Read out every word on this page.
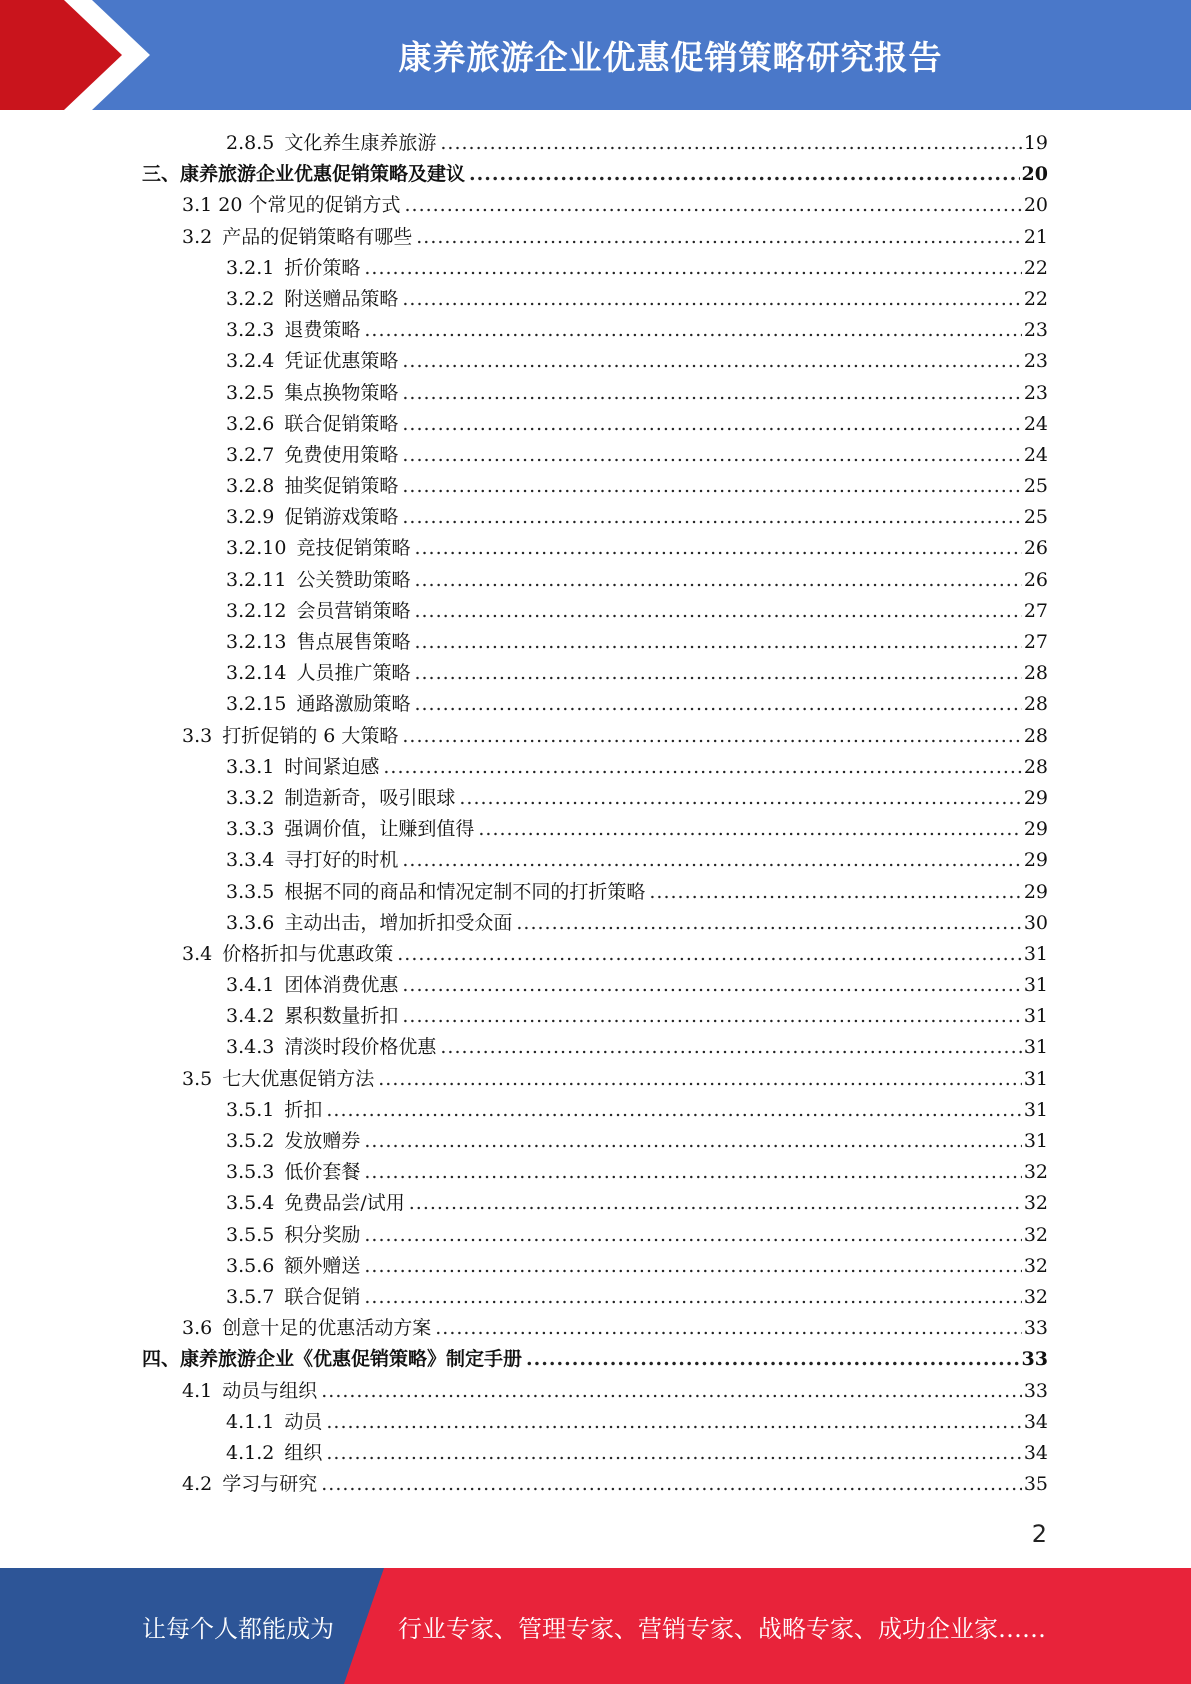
康养旅游企业优惠促销策略研究报告
2.8.5 文化养生康养旅游 .....	19
三、康养旅游企业优惠促销策略及建议 .....	20
3.1 20 个常见的促销方式 .....	20
3.2 产品的促销策略有哪些 .....	21
3.2.1 折价策略 .....	22
3.2.2 附送赠品策略 .....	22
3.2.3 退费策略 .....	23
3.2.4 凭证优惠策略 .....	23
3.2.5 集点换物策略 .....	23
3.2.6 联合促销策略 .....	24
3.2.7 免费使用策略 .....	24
3.2.8 抽奖促销策略 .....	25
3.2.9 促销游戏策略 .....	25
3.2.10 竞技促销策略 .....	26
3.2.11 公关赞助策略 .....	26
3.2.12 会员营销策略 .....	27
3.2.13 售点展售策略 .....	27
3.2.14 人员推广策略 .....	28
3.2.15 通路激励策略 .....	28
3.3 打折促销的 6 大策略 .....	28
3.3.1 时间紧迫感 .....	28
3.3.2 制造新奇，吸引眼球 .....	29
3.3.3 强调价值，让赚到值得 .....	29
3.3.4 寻打好的时机 .....	29
3.3.5 根据不同的商品和情况定制不同的打折策略 .....	29
3.3.6 主动出击，增加折扣受众面 .....	30
3.4 价格折扣与优惠政策 .....	31
3.4.1 团体消费优惠 .....	31
3.4.2 累积数量折扣 .....	31
3.4.3 清淡时段价格优惠 .....	31
3.5 七大优惠促销方法 .....	31
3.5.1 折扣 .....	31
3.5.2 发放赠券 .....	31
3.5.3 低价套餐 .....	32
3.5.4 免费品尝/试用 .....	32
3.5.5 积分奖励 .....	32
3.5.6 额外赠送 .....	32
3.5.7 联合促销 .....	32
3.6 创意十足的优惠活动方案 .....	33
四、康养旅游企业《优惠促销策略》制定手册 .....	33
4.1 动员与组织 .....	33
4.1.1 动员 .....	34
4.1.2 组织 .....	34
4.2 学习与研究 .....	35
2
让每个人都能成为	行业专家、管理专家、营销专家、战略专家、成功企业家……
